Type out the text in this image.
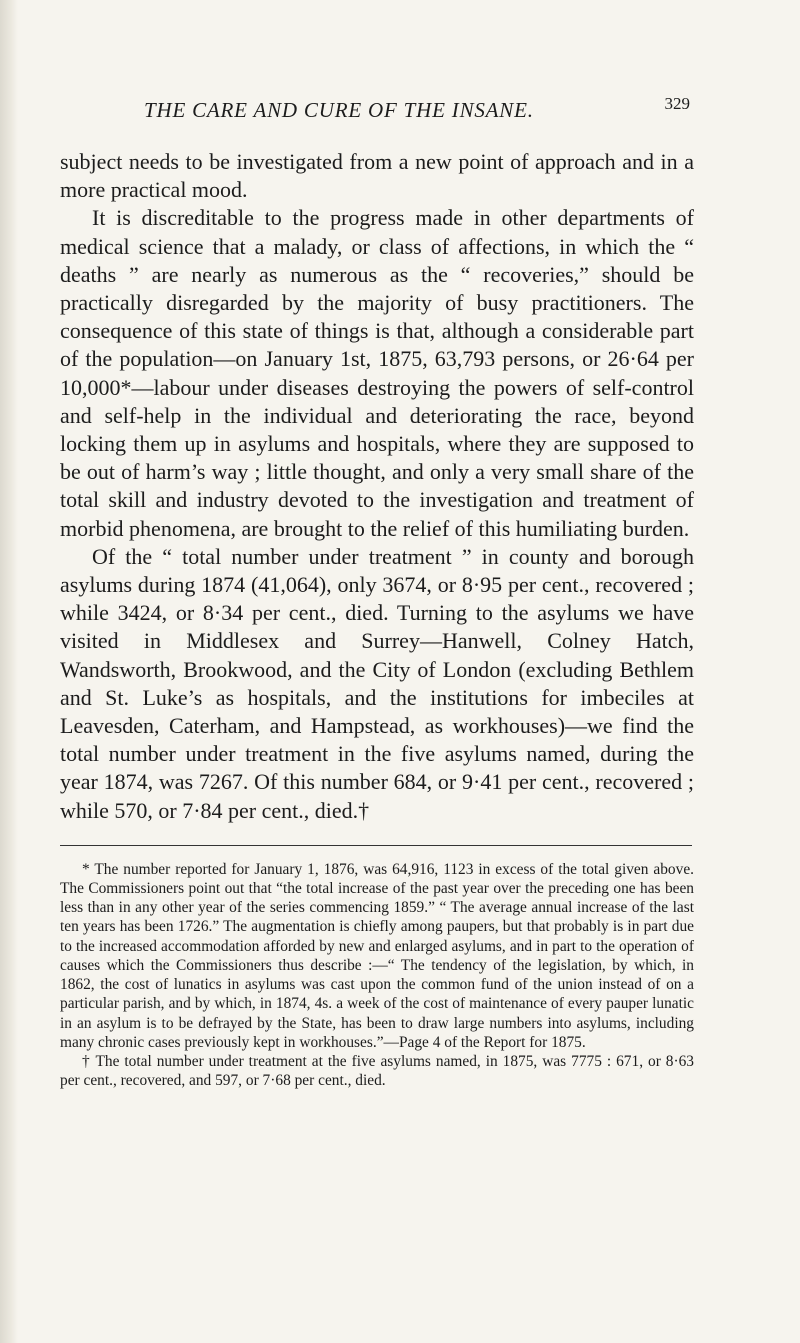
THE CARE AND CURE OF THE INSANE.	329

subject needs to be investigated from a new point of approach and in a more practical mood.

It is discreditable to the progress made in other departments of medical science that a malady, or class of affections, in which the “ deaths ” are nearly as numerous as the “ recoveries,” should be practically disregarded by the majority of busy practitioners. The consequence of this state of things is that, although a considerable part of the population—on January 1st, 1875, 63,793 persons, or 26·64 per 10,000*—labour under diseases destroying the powers of self-control and self-help in the individual and deteriorating the race, beyond locking them up in asylums and hospitals, where they are supposed to be out of harm’s way ; little thought, and only a very small share of the total skill and industry devoted to the investigation and treatment of morbid phenomena, are brought to the relief of this humiliating burden.

Of the “ total number under treatment ” in county and borough asylums during 1874 (41,064), only 3674, or 8·95 per cent., recovered ; while 3424, or 8·34 per cent., died. Turning to the asylums we have visited in Middlesex and Surrey—Hanwell, Colney Hatch, Wandsworth, Brookwood, and the City of London (excluding Bethlem and St. Luke’s as hospitals, and the institutions for imbeciles at Leavesden, Caterham, and Hampstead, as workhouses)—we find the total number under treatment in the five asylums named, during the year 1874, was 7267. Of this number 684, or 9·41 per cent., recovered ; while 570, or 7·84 per cent., died.†

* The number reported for January 1, 1876, was 64,916, 1123 in excess of the total given above. The Commissioners point out that “the total increase of the past year over the preceding one has been less than in any other year of the series commencing 1859.” “ The average annual increase of the last ten years has been 1726.” The augmentation is chiefly among paupers, but that probably is in part due to the increased accommodation afforded by new and enlarged asylums, and in part to the operation of causes which the Commissioners thus describe :—“ The tendency of the legislation, by which, in 1862, the cost of lunatics in asylums was cast upon the common fund of the union instead of on a particular parish, and by which, in 1874, 4s. a week of the cost of maintenance of every pauper lunatic in an asylum is to be defrayed by the State, has been to draw large numbers into asylums, including many chronic cases previously kept in workhouses.”—Page 4 of the Report for 1875.

† The total number under treatment at the five asylums named, in 1875, was 7775 : 671, or 8·63 per cent., recovered, and 597, or 7·68 per cent., died.
